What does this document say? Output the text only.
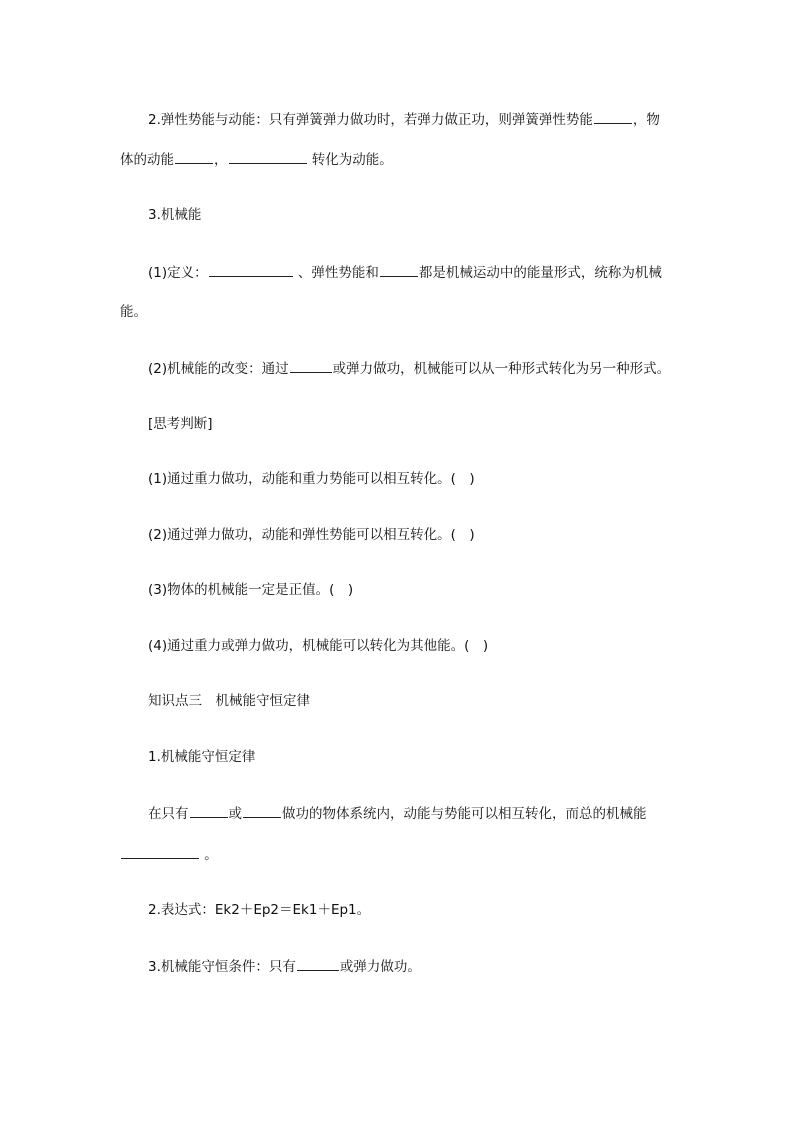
2.弹性势能与动能：只有弹簧弹力做功时，若弹力做正功，则弹簧弹性势能	，物
体的动能	，	转化为动能。
3.机械能
(1)定义：	、弹性势能和	都是机械运动中的能量形式，统称为机械
能。
(2)机械能的改变：通过	或弹力做功，机械能可以从一种形式转化为另一种形式。
[思考判断]
(1)通过重力做功，动能和重力势能可以相互转化。(　)
(2)通过弹力做功，动能和弹性势能可以相互转化。(　)
(3)物体的机械能一定是正值。(　)
(4)通过重力或弹力做功，机械能可以转化为其他能。(　)
知识点三　机械能守恒定律
1.机械能守恒定律
在只有	或	做功的物体系统内，动能与势能可以相互转化，而总的机械能
。
2.表达式：Ek2＋Ep2＝Ek1＋Ep1。
3.机械能守恒条件：只有	或弹力做功。
